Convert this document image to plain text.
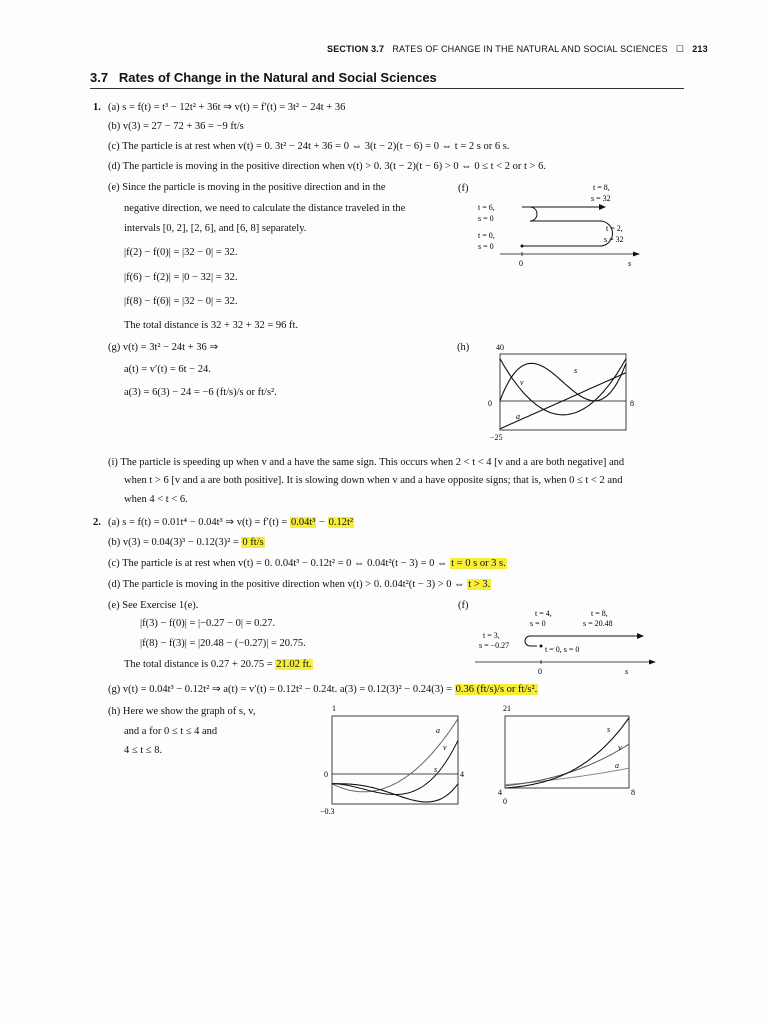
SECTION 3.7 RATES OF CHANGE IN THE NATURAL AND SOCIAL SCIENCES ☐ 213
3.7 Rates of Change in the Natural and Social Sciences
1. (a) s = f(t) = t³ − 12t² + 36t ⇒ v(t) = f′(t) = 3t² − 24t + 36
(b) v(3) = 27 − 72 + 36 = −9 ft/s
(c) The particle is at rest when v(t) = 0. 3t² − 24t + 36 = 0 ⇔ 3(t − 2)(t − 6) = 0 ⇔ t = 2 s or 6 s.
(d) The particle is moving in the positive direction when v(t) > 0. 3(t − 2)(t − 6) > 0 ⇔ 0 ≤ t < 2 or t > 6.
(e) Since the particle is moving in the positive direction and in the
negative direction, we need to calculate the distance traveled in the
intervals [0, 2], [2, 6], and [6, 8] separately.
|f(2) − f(0)| = |32 − 0| = 32.
|f(6) − f(2)| = |0 − 32| = 32.
|f(8) − f(6)| = |32 − 0| = 32.
The total distance is 32 + 32 + 32 = 96 ft.
(f)	t = 8,
s = 32
t = 6,
s = 0
t = 2,
s = 32
t = 0,
s = 0
0	s
(g) v(t) = 3t² − 24t + 36 ⇒
a(t) = v′(t) = 6t − 24.
a(3) = 6(3) − 24 = −6 (ft/s)/s or ft/s².
(h)	40
0	8
−25
s
v
a
(i) The particle is speeding up when v and a have the same sign. This occurs when 2 < t < 4 [v and a are both negative] and
when t > 6 [v and a are both positive]. It is slowing down when v and a have opposite signs; that is, when 0 ≤ t < 2 and
when 4 < t < 6.
2. (a) s = f(t) = 0.01t⁴ − 0.04t³ ⇒ v(t) = f′(t) = 0.04t³ − 0.12t²
(b) v(3) = 0.04(3)³ − 0.12(3)² = 0 ft/s
(c) The particle is at rest when v(t) = 0. 0.04t³ − 0.12t² = 0 ⇔ 0.04t²(t − 3) = 0 ⇔ t = 0 s or 3 s.
(d) The particle is moving in the positive direction when v(t) > 0. 0.04t²(t − 3) > 0 ⇔ t > 3.
(e) See Exercise 1(e).
|f(3) − f(0)| = |−0.27 − 0| = 0.27.
|f(8) − f(3)| = |20.48 − (−0.27)| = 20.75.
The total distance is 0.27 + 20.75 = 21.02 ft.
(f)
t = 4,
s = 0
t = 8,
s = 20.48
t = 3,
s = −0.27	t = 0, s = 0
0	s
(g) v(t) = 0.04t³ − 0.12t² ⇒ a(t) = v′(t) = 0.12t² − 0.24t. a(3) = 0.12(3)² − 0.24(3) = 0.36 (ft/s)/s or ft/s².
(h) Here we show the graph of s, v,
and a for 0 ≤ t ≤ 4 and
4 ≤ t ≤ 8.
1
0	4
−0.3
a
v
s
21
4	8
0
s
v
a
